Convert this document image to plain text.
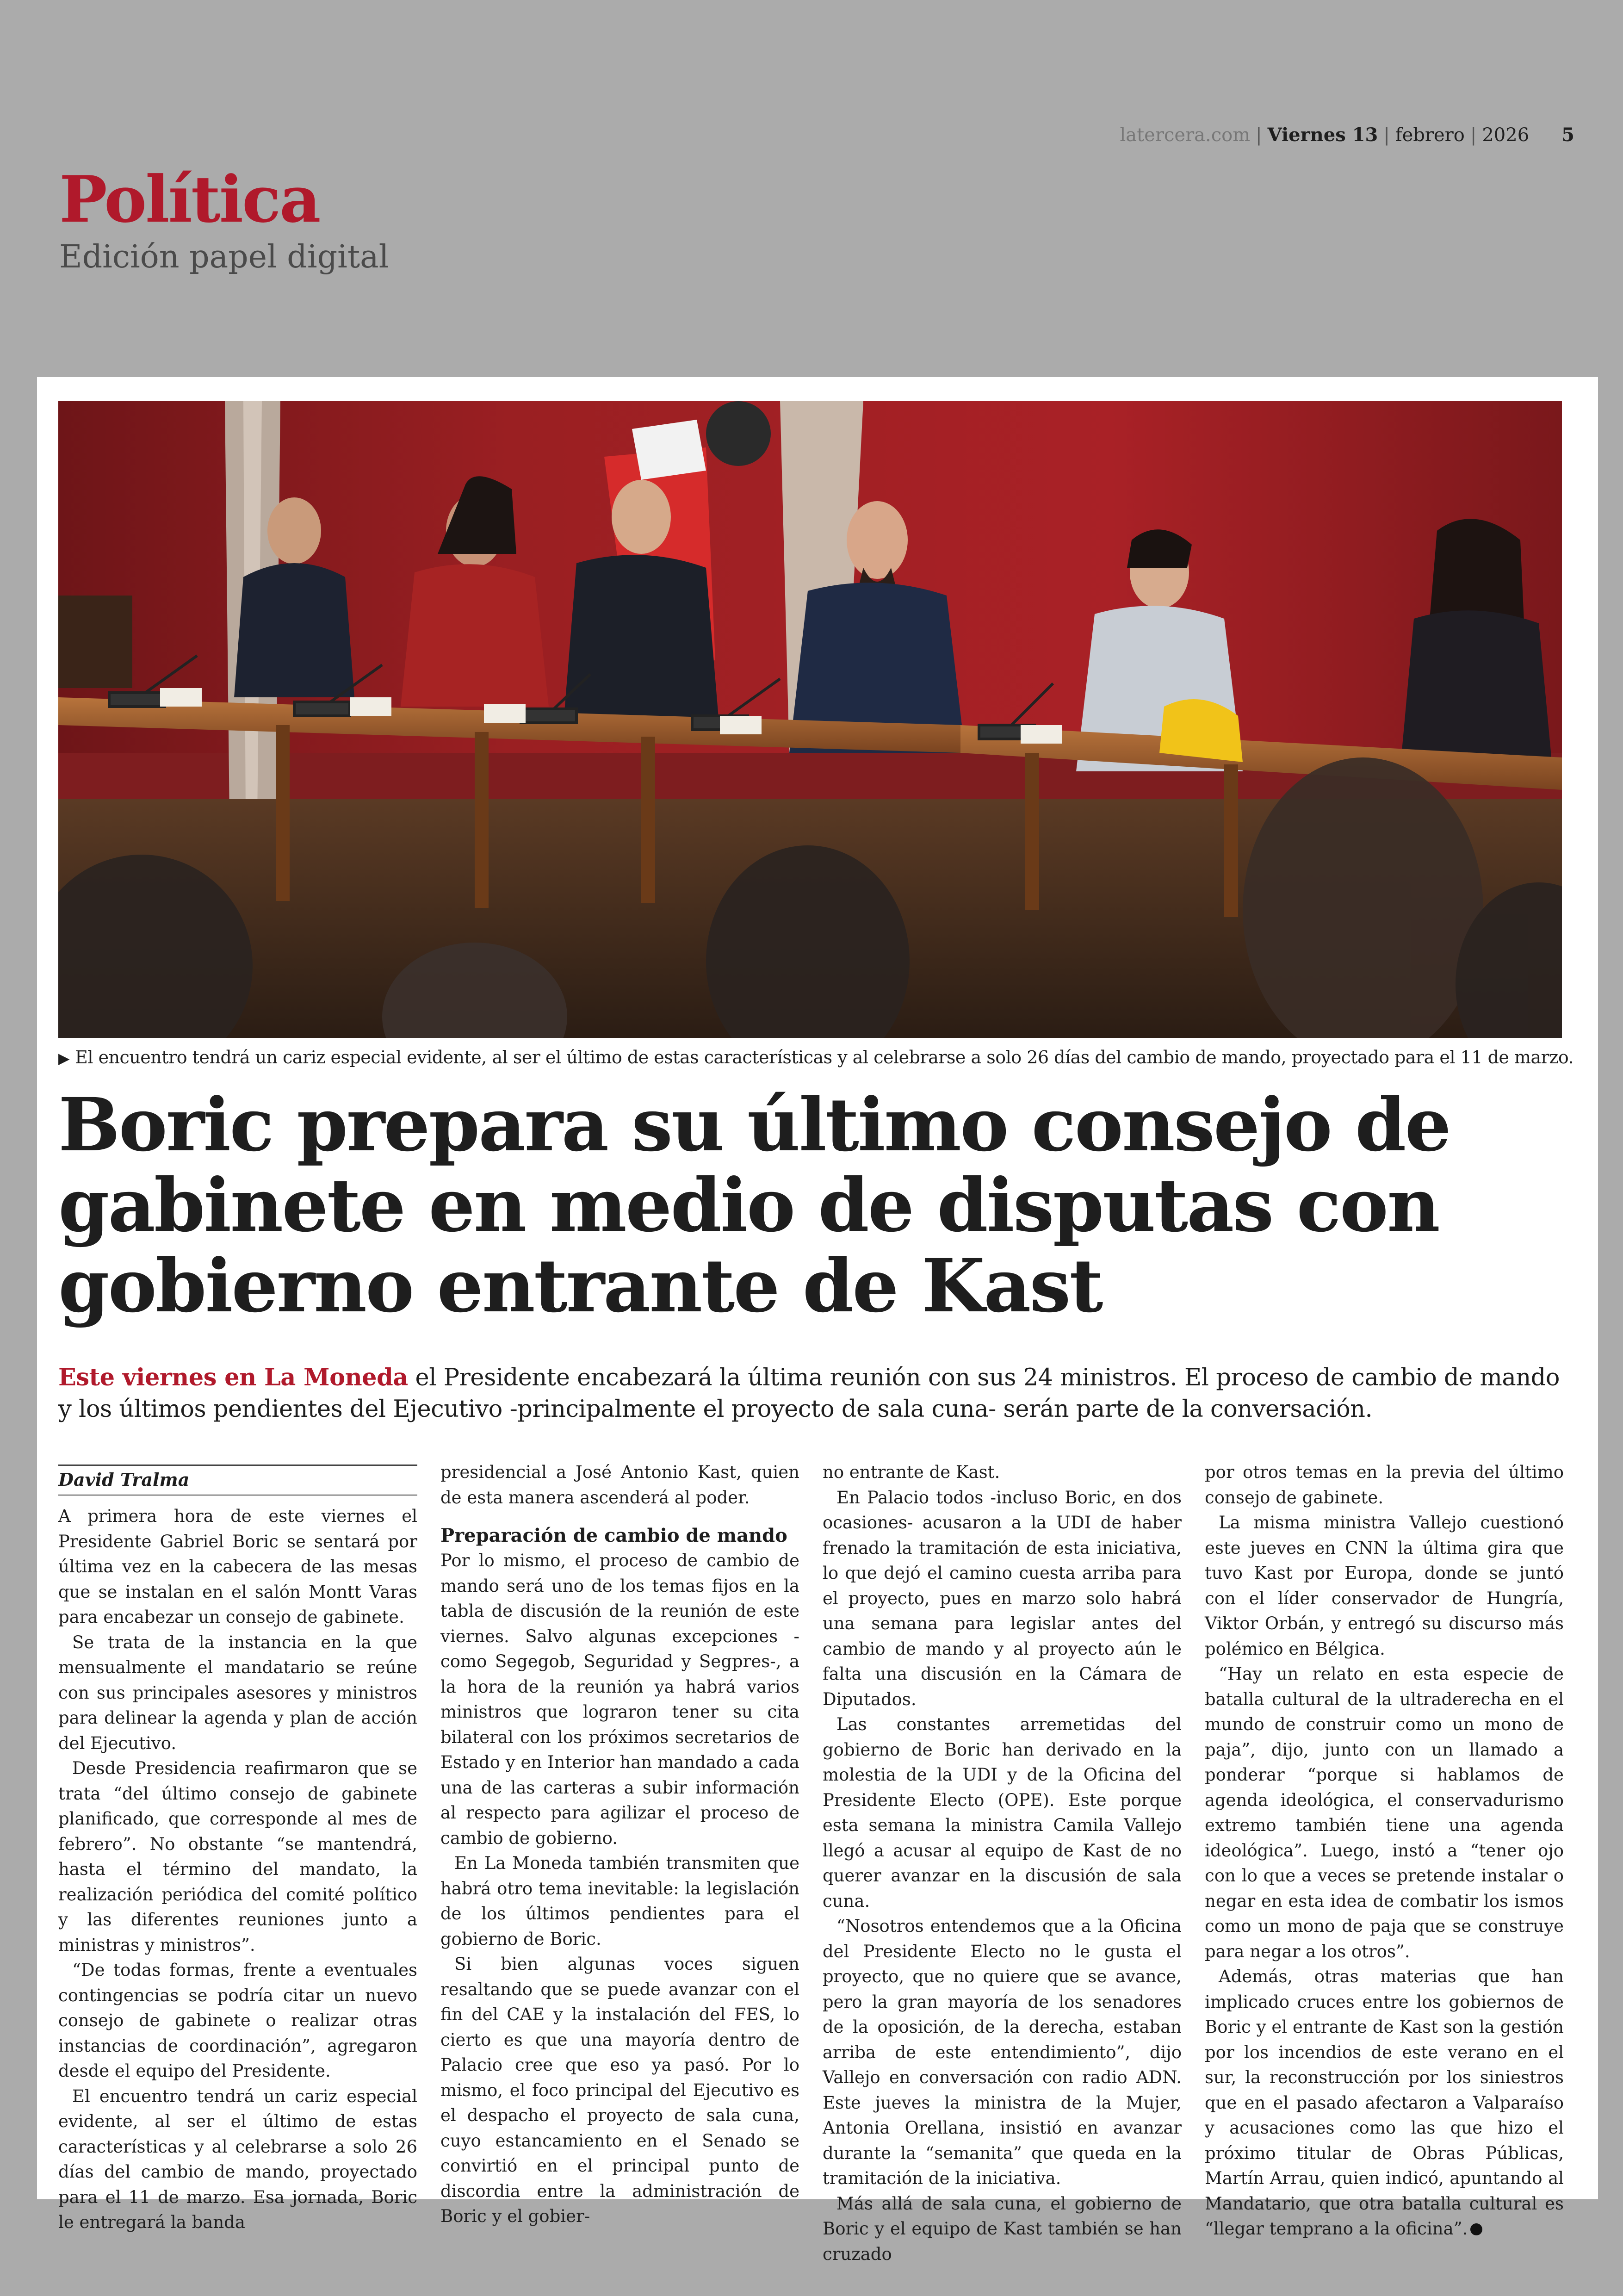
latercera.com | Viernes 13 | febrero | 2026 5
Política
Edición papel digital
▶ El encuentro tendrá un cariz especial evidente, al ser el último de estas características y al celebrarse a solo 26 días del cambio de mando, proyectado para el 11 de marzo.
Boric prepara su último consejo de
gabinete en medio de disputas con
gobierno entrante de Kast
Este viernes en La Moneda el Presidente encabezará la última reunión con sus 24 ministros. El proceso de cambio de mando
y los últimos pendientes del Ejecutivo -principalmente el proyecto de sala cuna- serán parte de la conversación.
David Tralma

A primera hora de este viernes el Presidente Gabriel Boric se sentará por última vez en la cabecera de las mesas que se instalan en el salón Montt Varas para encabezar un consejo de gabinete.

Se trata de la instancia en la que mensualmente el mandatario se reúne con sus principales asesores y ministros para delinear la agenda y plan de acción del Ejecutivo.

Desde Presidencia reafirmaron que se trata “del último consejo de gabinete planificado, que corresponde al mes de febrero”. No obstante “se mantendrá, hasta el término del mandato, la realización periódica del comité político y las diferentes reuniones junto a ministras y ministros”.

“De todas formas, frente a eventuales contingencias se podría citar un nuevo consejo de gabinete o realizar otras instancias de coordinación”, agregaron desde el equipo del Presidente.

El encuentro tendrá un cariz especial evidente, al ser el último de estas características y al celebrarse a solo 26 días del cambio de mando, proyectado para el 11 de marzo. Esa jornada, Boric le entregará la banda

presidencial a José Antonio Kast, quien de esta manera ascenderá al poder.

Preparación de cambio de mando

Por lo mismo, el proceso de cambio de mando será uno de los temas fijos en la tabla de discusión de la reunión de este viernes. Salvo algunas excepciones -como Segegob, Seguridad y Segpres-, a la hora de la reunión ya habrá varios ministros que lograron tener su cita bilateral con los próximos secretarios de Estado y en Interior han mandado a cada una de las carteras a subir información al respecto para agilizar el proceso de cambio de gobierno.

En La Moneda también transmiten que habrá otro tema inevitable: la legislación de los últimos pendientes para el gobierno de Boric.

Si bien algunas voces siguen resaltando que se puede avanzar con el fin del CAE y la instalación del FES, lo cierto es que una mayoría dentro de Palacio cree que eso ya pasó. Por lo mismo, el foco principal del Ejecutivo es el despacho el proyecto de sala cuna, cuyo estancamiento en el Senado se convirtió en el principal punto de discordia entre la administración de Boric y el gobier-

no entrante de Kast.

En Palacio todos -incluso Boric, en dos ocasiones- acusaron a la UDI de haber frenado la tramitación de esta iniciativa, lo que dejó el camino cuesta arriba para el proyecto, pues en marzo solo habrá una semana para legislar antes del cambio de mando y al proyecto aún le falta una discusión en la Cámara de Diputados.

Las constantes arremetidas del gobierno de Boric han derivado en la molestia de la UDI y de la Oficina del Presidente Electo (OPE). Este porque esta semana la ministra Camila Vallejo llegó a acusar al equipo de Kast de no querer avanzar en la discusión de sala cuna.

“Nosotros entendemos que a la Oficina del Presidente Electo no le gusta el proyecto, que no quiere que se avance, pero la gran mayoría de los senadores de la oposición, de la derecha, estaban arriba de este entendimiento”, dijo Vallejo en conversación con radio ADN. Este jueves la ministra de la Mujer, Antonia Orellana, insistió en avanzar durante la “semanita” que queda en la tramitación de la iniciativa.

Más allá de sala cuna, el gobierno de Boric y el equipo de Kast también se han cruzado

por otros temas en la previa del último consejo de gabinete.

La misma ministra Vallejo cuestionó este jueves en CNN la última gira que tuvo Kast por Europa, donde se juntó con el líder conservador de Hungría, Viktor Orbán, y entregó su discurso más polémico en Bélgica.

“Hay un relato en esta especie de batalla cultural de la ultraderecha en el mundo de construir como un mono de paja”, dijo, junto con un llamado a ponderar “porque si hablamos de agenda ideológica, el conservadurismo extremo también tiene una agenda ideológica”. Luego, instó a “tener ojo con lo que a veces se pretende instalar o negar en esta idea de combatir los ismos como un mono de paja que se construye para negar a los otros”.

Además, otras materias que han implicado cruces entre los gobiernos de Boric y el entrante de Kast son la gestión por los incendios de este verano en el sur, la reconstrucción por los siniestros que en el pasado afectaron a Valparaíso y acusaciones como las que hizo el próximo titular de Obras Públicas, Martín Arrau, quien indicó, apuntando al Mandatario, que otra batalla cultural es “llegar temprano a la oficina”.
